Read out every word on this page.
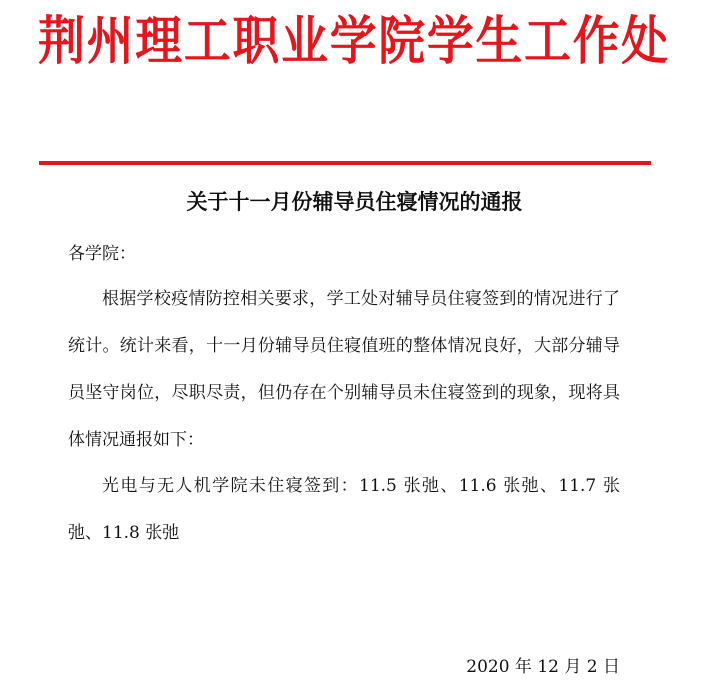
荆州理工职业学院学生工作处
关于十一月份辅导员住寝情况的通报
各学院：
根据学校疫情防控相关要求，学工处对辅导员住寝签到的情况进行了统计。统计来看，十一月份辅导员住寝值班的整体情况良好，大部分辅导员坚守岗位，尽职尽责，但仍存在个别辅导员未住寝签到的现象，现将具体情况通报如下：
光电与无人机学院未住寝签到：11.5 张弛、11.6 张弛、11.7 张弛、11.8 张弛
2020 年 12 月 2 日
